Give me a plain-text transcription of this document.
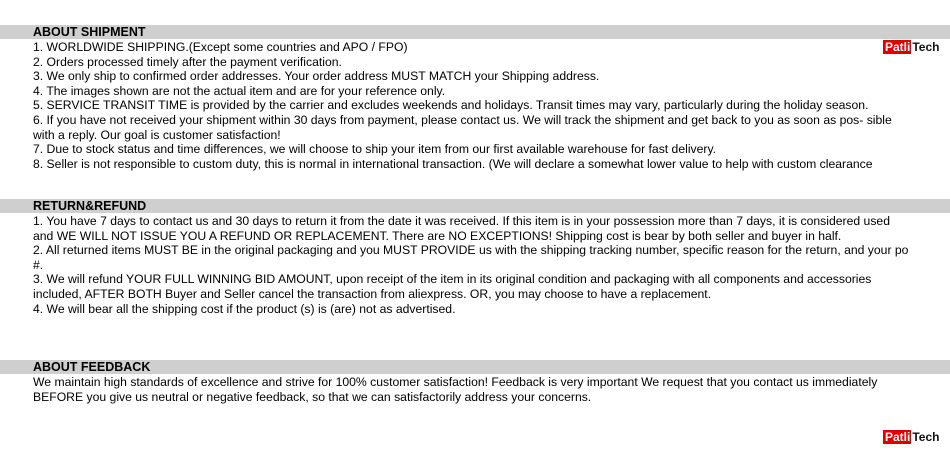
ABOUT SHIPMENT
Patli Tech

1. WORLDWIDE SHIPPING.(Except some countries and APO / FPO)

2. Orders processed timely after the payment verification.

3. We only ship to confirmed order addresses. Your order address MUST MATCH your Shipping address.

4. The images shown are not the actual item and are for your reference only.

5. SERVICE TRANSIT TIME is provided by the carrier and excludes weekends and holidays. Transit times may vary, particularly during the holiday season.

6. If you have not received your shipment within 30 days from payment, please contact us. We will track the shipment and get back to you as soon as pos- sible with a reply. Our goal is customer satisfaction!

7. Due to stock status and time differences, we will choose to ship your item from our first available warehouse for fast delivery.

8. Seller is not responsible to custom duty, this is normal in international transaction. (We will declare a somewhat lower value to help with custom clearance

RETURN&REFUND

1. You have 7 days to contact us and 30 days to return it from the date it was received. If this item is in your possession more than 7 days, it is considered used and WE WILL NOT ISSUE YOU A REFUND OR REPLACEMENT. There are NO EXCEPTIONS! Shipping cost is bear by both seller and buyer in half.

2. All returned items MUST BE in the original packaging and you MUST PROVIDE us with the shipping tracking number, specific reason for the return, and your po #.

3. We will refund YOUR FULL WINNING BID AMOUNT, upon receipt of the item in its original condition and packaging with all components and accessories included, AFTER BOTH Buyer and Seller cancel the transaction from aliexpress. OR, you may choose to have a replacement.

4. We will bear all the shipping cost if the product (s) is (are) not as advertised.

ABOUT FEEDBACK

We maintain high standards of excellence and strive for 100% customer satisfaction! Feedback is very important We request that you contact us immediately BEFORE you give us neutral or negative feedback, so that we can satisfactorily address your concerns.

Patli Tech
